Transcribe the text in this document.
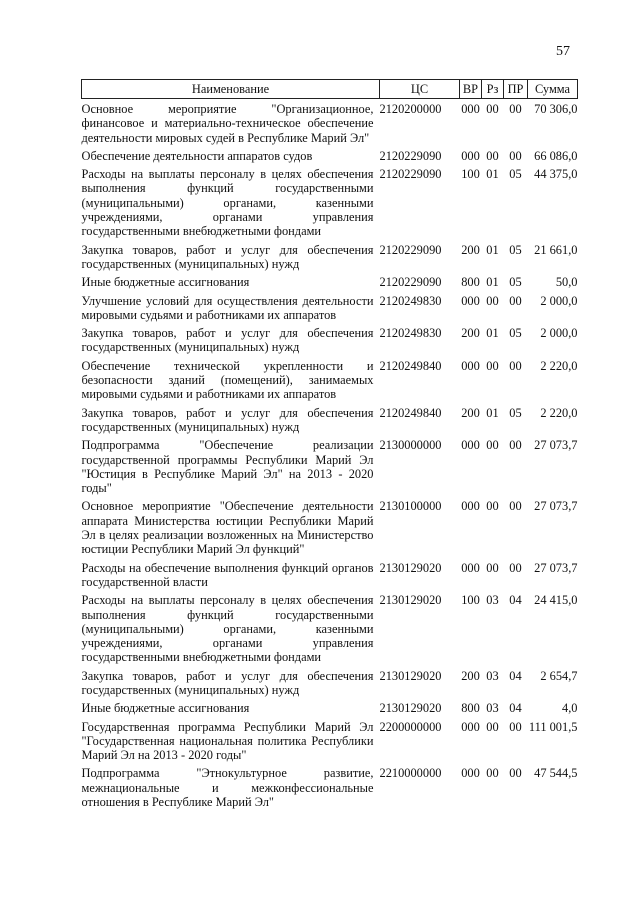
57
Наименование	ЦС	ВР	Рз	ПР	Сумма
Основное мероприятие "Организационное, финансовое и материально-техническое обеспечение деятельности мировых судей в Республике Марий Эл"	2120200000	000	00	00	70 306,0
Обеспечение деятельности аппаратов судов	2120229090	000	00	00	66 086,0
Расходы на выплаты персоналу в целях обеспечения выполнения функций государственными (муниципальными) органами, казенными учреждениями, органами управления государственными внебюджетными фондами	2120229090	100	01	05	44 375,0
Закупка товаров, работ и услуг для обеспечения государственных (муниципальных) нужд	2120229090	200	01	05	21 661,0
Иные бюджетные ассигнования	2120229090	800	01	05	50,0
Улучшение условий для осуществления деятельности мировыми судьями и работниками их аппаратов	2120249830	000	00	00	2 000,0
Закупка товаров, работ и услуг для обеспечения государственных (муниципальных) нужд	2120249830	200	01	05	2 000,0
Обеспечение технической укрепленности и безопасности зданий (помещений), занимаемых мировыми судьями и работниками их аппаратов	2120249840	000	00	00	2 220,0
Закупка товаров, работ и услуг для обеспечения государственных (муниципальных) нужд	2120249840	200	01	05	2 220,0
Подпрограмма "Обеспечение реализации государственной программы Республики Марий Эл "Юстиция в Республике Марий Эл" на 2013 - 2020 годы"	2130000000	000	00	00	27 073,7
Основное мероприятие "Обеспечение деятельности аппарата Министерства юстиции Республики Марий Эл в целях реализации возложенных на Министерство юстиции Республики Марий Эл функций"	2130100000	000	00	00	27 073,7
Расходы на обеспечение выполнения функций органов государственной власти	2130129020	000	00	00	27 073,7
Расходы на выплаты персоналу в целях обеспечения выполнения функций государственными (муниципальными) органами, казенными учреждениями, органами управления государственными внебюджетными фондами	2130129020	100	03	04	24 415,0
Закупка товаров, работ и услуг для обеспечения государственных (муниципальных) нужд	2130129020	200	03	04	2 654,7
Иные бюджетные ассигнования	2130129020	800	03	04	4,0
Государственная программа Республики Марий Эл "Государственная национальная политика Республики Марий Эл на 2013 - 2020 годы"	2200000000	000	00	00	111 001,5
Подпрограмма "Этнокультурное развитие, межнациональные и межконфессиональные отношения в Республике Марий Эл"	2210000000	000	00	00	47 544,5
